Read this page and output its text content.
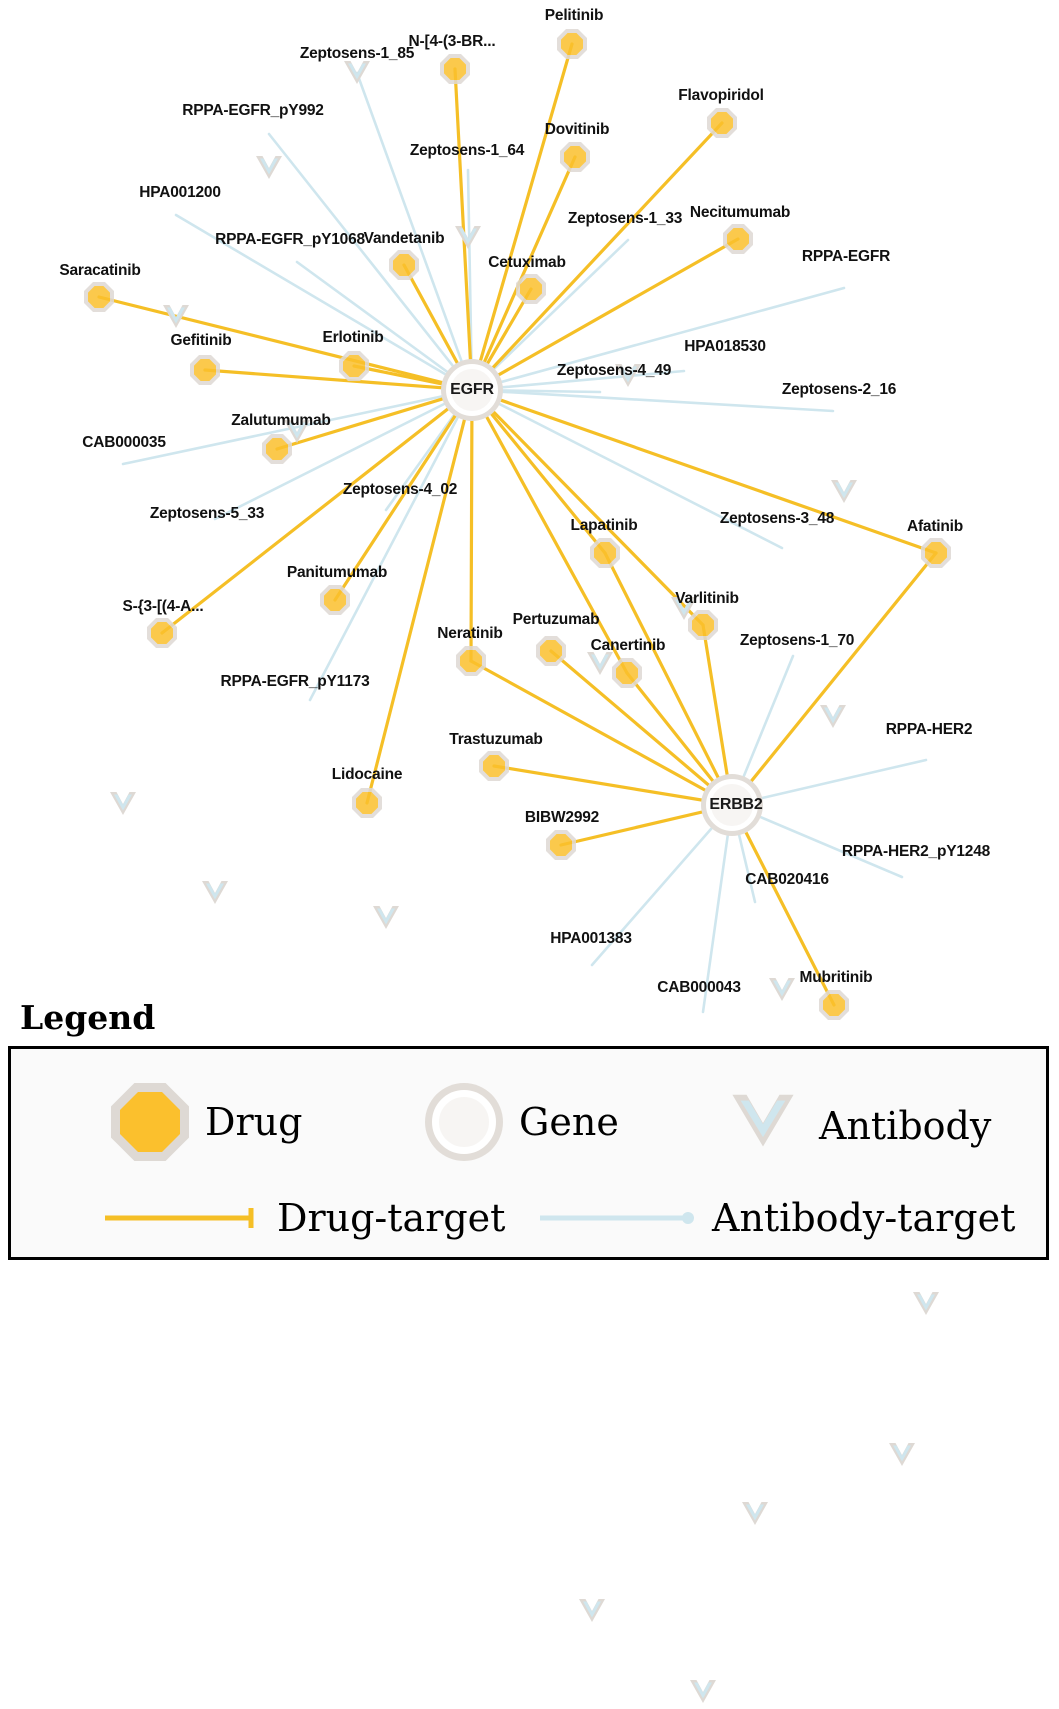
Zeptosens-1_85
RPPA-EGFR_pY992
Zeptosens-1_64
HPA001200
Zeptosens-1_33
RPPA-EGFR_pY1068
RPPA-EGFR
HPA018530
Zeptosens-4_49
Zeptosens-2_16
CAB000035
Zeptosens-5_33
Zeptosens-4_02
Zeptosens-3_48
RPPA-EGFR_pY1173
Zeptosens-1_70
RPPA-HER2
RPPA-HER2_pY1248
CAB020416
HPA001383
CAB000043
Pelitinib
N-[4-(3-BR...
Dovitinib
Flavopiridol
Necitumumab
Vandetanib
Cetuximab
Saracatinib
Gefitinib	Erlotinib
Zalutumumab
Panitumumab
S-{3-[(4-A...
Lidocaine
Lapatinib	Afatinib
Varlitinib
Pertuzumab
Neratinib
Canertinib
Trastuzumab
BIBW2992
Mubritinib
EGFR
ERBB2
Legend
Drug	Gene	Antibody
Drug-target	Antibody-target
